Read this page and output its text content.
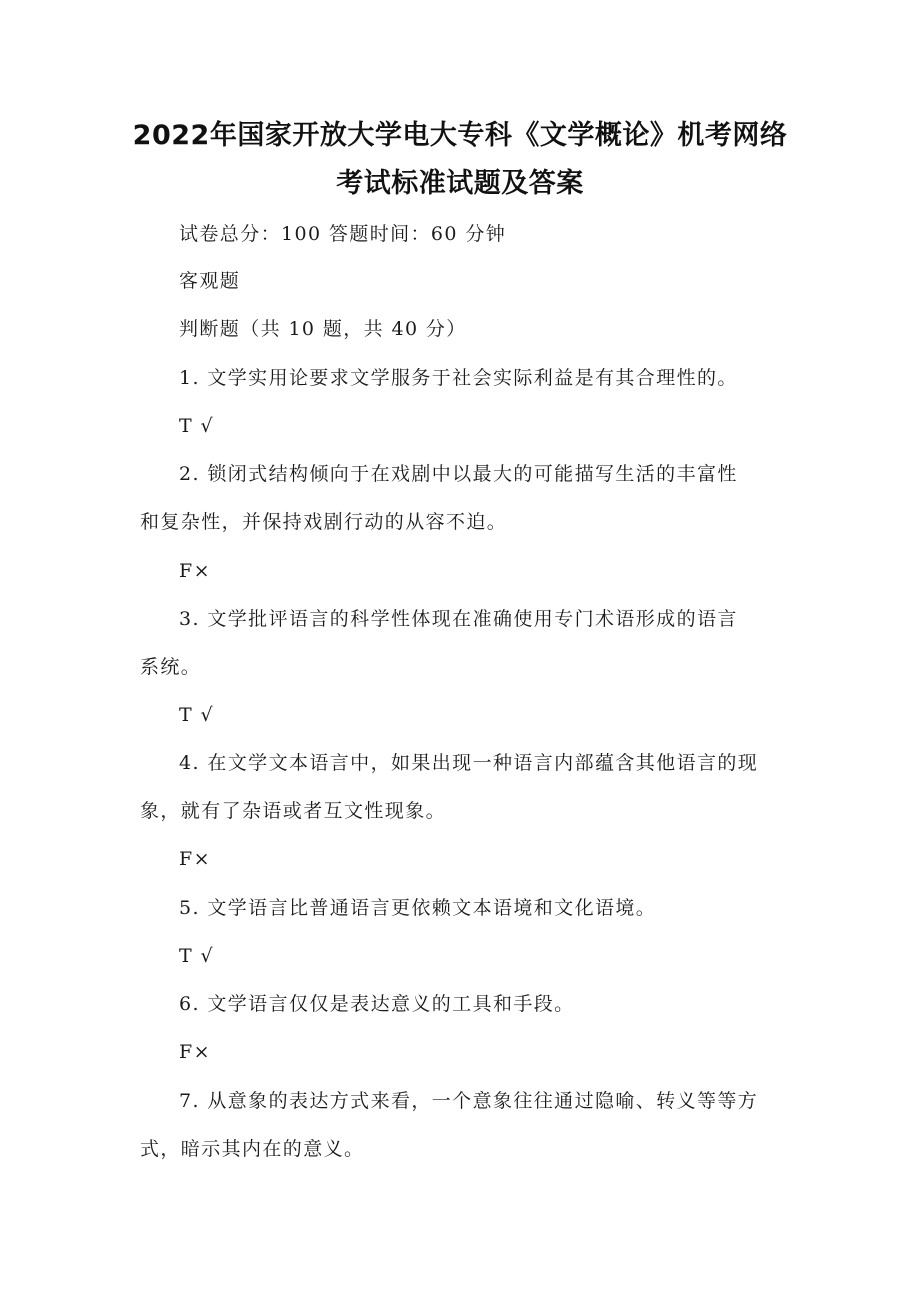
2022年国家开放大学电大专科《文学概论》机考网络
考试标准试题及答案
试卷总分：100 答题时间：60 分钟
客观题
判断题（共 10 题，共 40 分）
1. 文学实用论要求文学服务于社会实际利益是有其合理性的。
T √
2. 锁闭式结构倾向于在戏剧中以最大的可能描写生活的丰富性
和复杂性，并保持戏剧行动的从容不迫。
F×
3. 文学批评语言的科学性体现在准确使用专门术语形成的语言
系统。
T √
4. 在文学文本语言中，如果出现一种语言内部蕴含其他语言的现
象，就有了杂语或者互文性现象。
F×
5. 文学语言比普通语言更依赖文本语境和文化语境。
T √
6. 文学语言仅仅是表达意义的工具和手段。
F×
7. 从意象的表达方式来看，一个意象往往通过隐喻、转义等等方
式，暗示其内在的意义。
